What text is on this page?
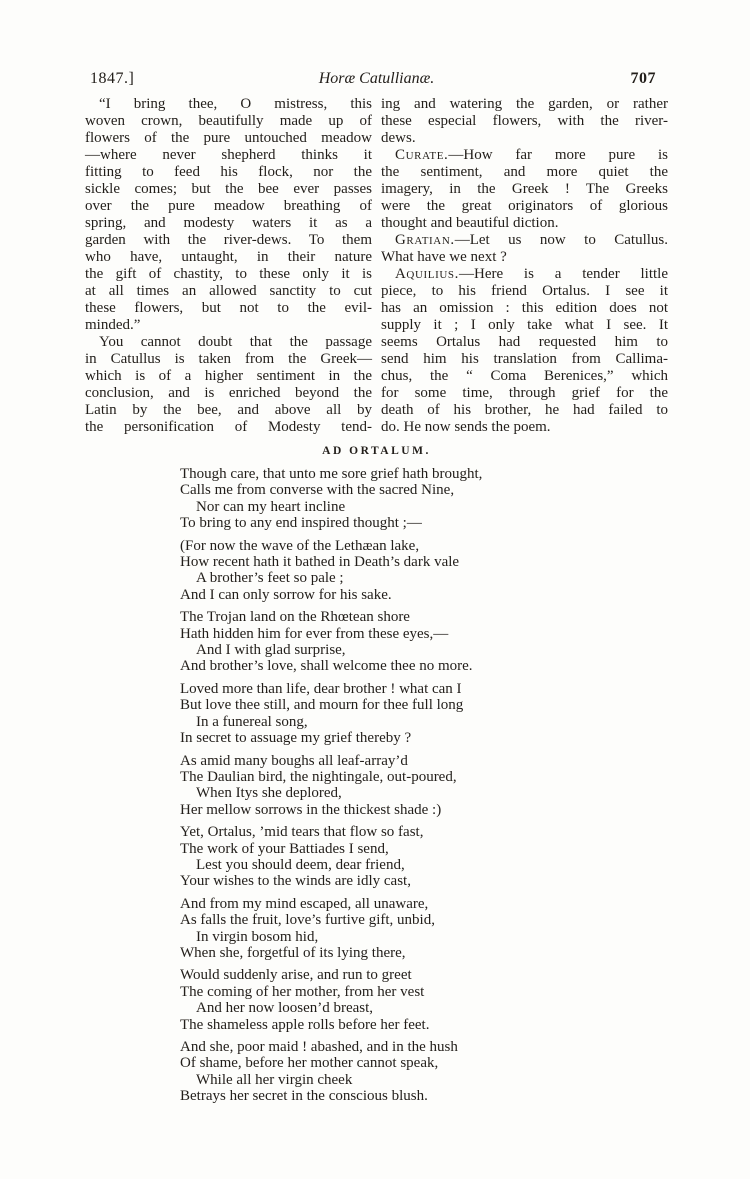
1847.]	Horæ Catullianæ.	707
“I bring thee, O mistress, this
woven crown, beautifully made up of
flowers of the pure untouched meadow
—where never shepherd thinks it
fitting to feed his flock, nor the
sickle comes; but the bee ever passes
over the pure meadow breathing of
spring, and modesty waters it as a
garden with the river-dews. To them
who have, untaught, in their nature
the gift of chastity, to these only it is
at all times an allowed sanctity to cut
these flowers, but not to the evil-
minded.”
You cannot doubt that the passage
in Catullus is taken from the Greek—
which is of a higher sentiment in the
conclusion, and is enriched beyond the
Latin by the bee, and above all by
the personification of Modesty tend-
ing and watering the garden, or rather
these especial flowers, with the river-
dews.
Curate.—How far more pure is
the sentiment, and more quiet the
imagery, in the Greek ! The Greeks
were the great originators of glorious
thought and beautiful diction.
Gratian.—Let us now to Catullus.
What have we next ?
Aquilius.—Here is a tender little
piece, to his friend Ortalus. I see it
has an omission : this edition does not
supply it ; I only take what I see. It
seems Ortalus had requested him to
send him his translation from Callima-
chus, the “ Coma Berenices,” which
for some time, through grief for the
death of his brother, he had failed to
do. He now sends the poem.
AD ORTALUM.
Though care, that unto me sore grief hath brought,
Calls me from converse with the sacred Nine,
Nor can my heart incline
To bring to any end inspired thought ;—
(For now the wave of the Lethæan lake,
How recent hath it bathed in Death’s dark vale
A brother’s feet so pale ;
And I can only sorrow for his sake.
The Trojan land on the Rhœtean shore
Hath hidden him for ever from these eyes,—
And I with glad surprise,
And brother’s love, shall welcome thee no more.
Loved more than life, dear brother ! what can I
But love thee still, and mourn for thee full long
In a funereal song,
In secret to assuage my grief thereby ?
As amid many boughs all leaf-array’d
The Daulian bird, the nightingale, out-poured,
When Itys she deplored,
Her mellow sorrows in the thickest shade :)
Yet, Ortalus, ’mid tears that flow so fast,
The work of your Battiades I send,
Lest you should deem, dear friend,
Your wishes to the winds are idly cast,
And from my mind escaped, all unaware,
As falls the fruit, love’s furtive gift, unbid,
In virgin bosom hid,
When she, forgetful of its lying there,
Would suddenly arise, and run to greet
The coming of her mother, from her vest
And her now loosen’d breast,
The shameless apple rolls before her feet.
And she, poor maid ! abashed, and in the hush
Of shame, before her mother cannot speak,
While all her virgin cheek
Betrays her secret in the conscious blush.
